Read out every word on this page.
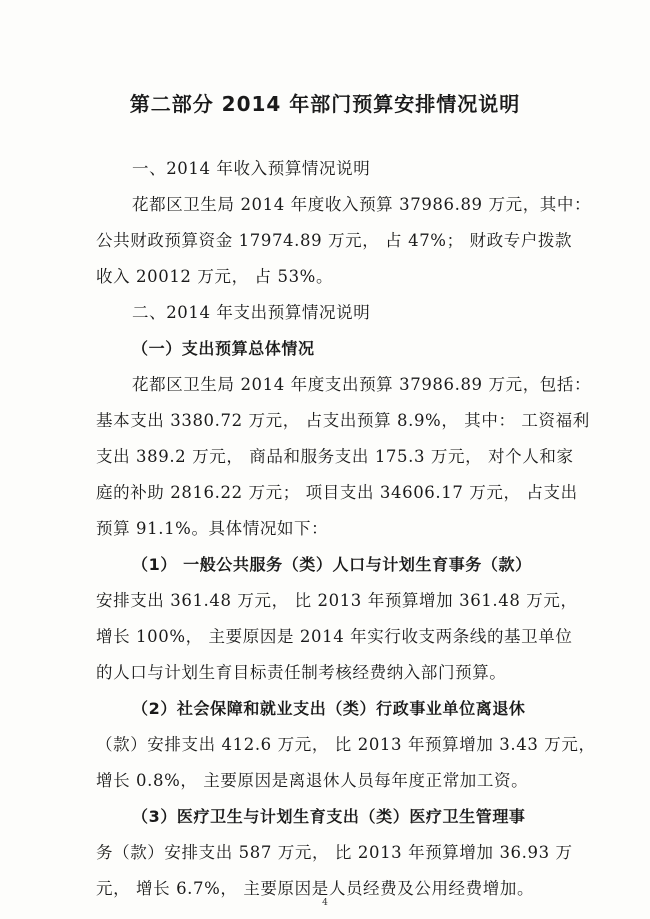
第二部分 2014 年部门预算安排情况说明
一、2014 年收入预算情况说明
花都区卫生局 2014 年度收入预算 37986.89 万元，其中：
公共财政预算资金 17974.89 万元， 占 47%； 财政专户拨款
收入 20012 万元， 占 53%。
二、2014 年支出预算情况说明
（一）支出预算总体情况
花都区卫生局 2014 年度支出预算 37986.89 万元，包括：
基本支出 3380.72 万元， 占支出预算 8.9%， 其中： 工资福利
支出 389.2 万元， 商品和服务支出 175.3 万元， 对个人和家
庭的补助 2816.22 万元； 项目支出 34606.17 万元， 占支出
预算 91.1%。具体情况如下：
（1） 一般公共服务（类）人口与计划生育事务（款）
安排支出 361.48 万元， 比 2013 年预算增加 361.48 万元，
增长 100%， 主要原因是 2014 年实行收支两条线的基卫单位
的人口与计划生育目标责任制考核经费纳入部门预算。
（2）社会保障和就业支出（类）行政事业单位离退休
（款）安排支出 412.6 万元， 比 2013 年预算增加 3.43 万元，
增长 0.8%， 主要原因是离退休人员每年度正常加工资。
（3）医疗卫生与计划生育支出（类）医疗卫生管理事
务（款）安排支出 587 万元， 比 2013 年预算增加 36.93 万
元， 增长 6.7%， 主要原因是人员经费及公用经费增加。
4
